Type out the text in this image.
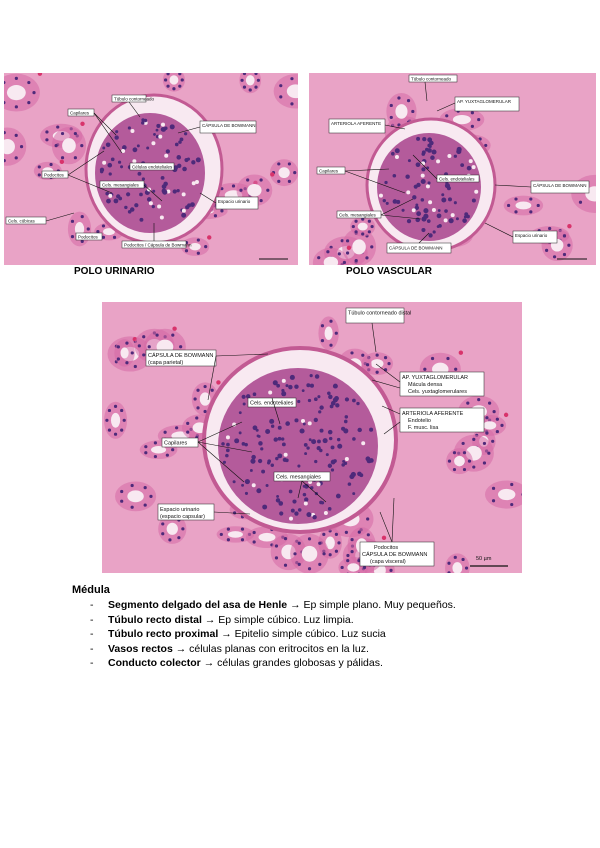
Túbulo contorneado
Capilares
CÁPSULA DE BOWMANN
Células endoteliales
Podocitos
Cels. mesangiales
Espacio urinario
Cels. cúbicas
Podocitos / Cápsula de Bowmann
Podocitos
Túbulo contorneado
AP. YUXTAGLOMERULAR
ARTERIOLA AFERENTE
Capilares
Cels. endoteliales
CÁPSULA DE BOWMANN
Cels. mesangiales
Espacio urinario
CÁPSULA DE BOWMANN
POLO URINARIO	POLO VASCULAR
Túbulo contorneado distal
CÁPSULA DE BOWMANN
(capa parietal)
AP. YUXTAGLOMERULAR
Mácula densa
Cels. yuxtaglomerulares
Cels. endoteliales
ARTERIOLA AFERENTE
Endotelio
F. musc. lisa
Capilares
Cels. mesangiales
Espacio urinario
(espacio capsular)
Podocitos
CÁPSULA DE BOWMANN
(capa visceral)	50 µm
Médula
- Segmento delgado del asa de Henle → Ep simple plano. Muy pequeños.
- Túbulo recto distal → Ep simple cúbico. Luz limpia.
- Túbulo recto proximal → Epitelio simple cúbico. Luz sucia
- Vasos rectos → células planas con eritrocitos en la luz.
- Conducto colector → células grandes globosas y pálidas.
